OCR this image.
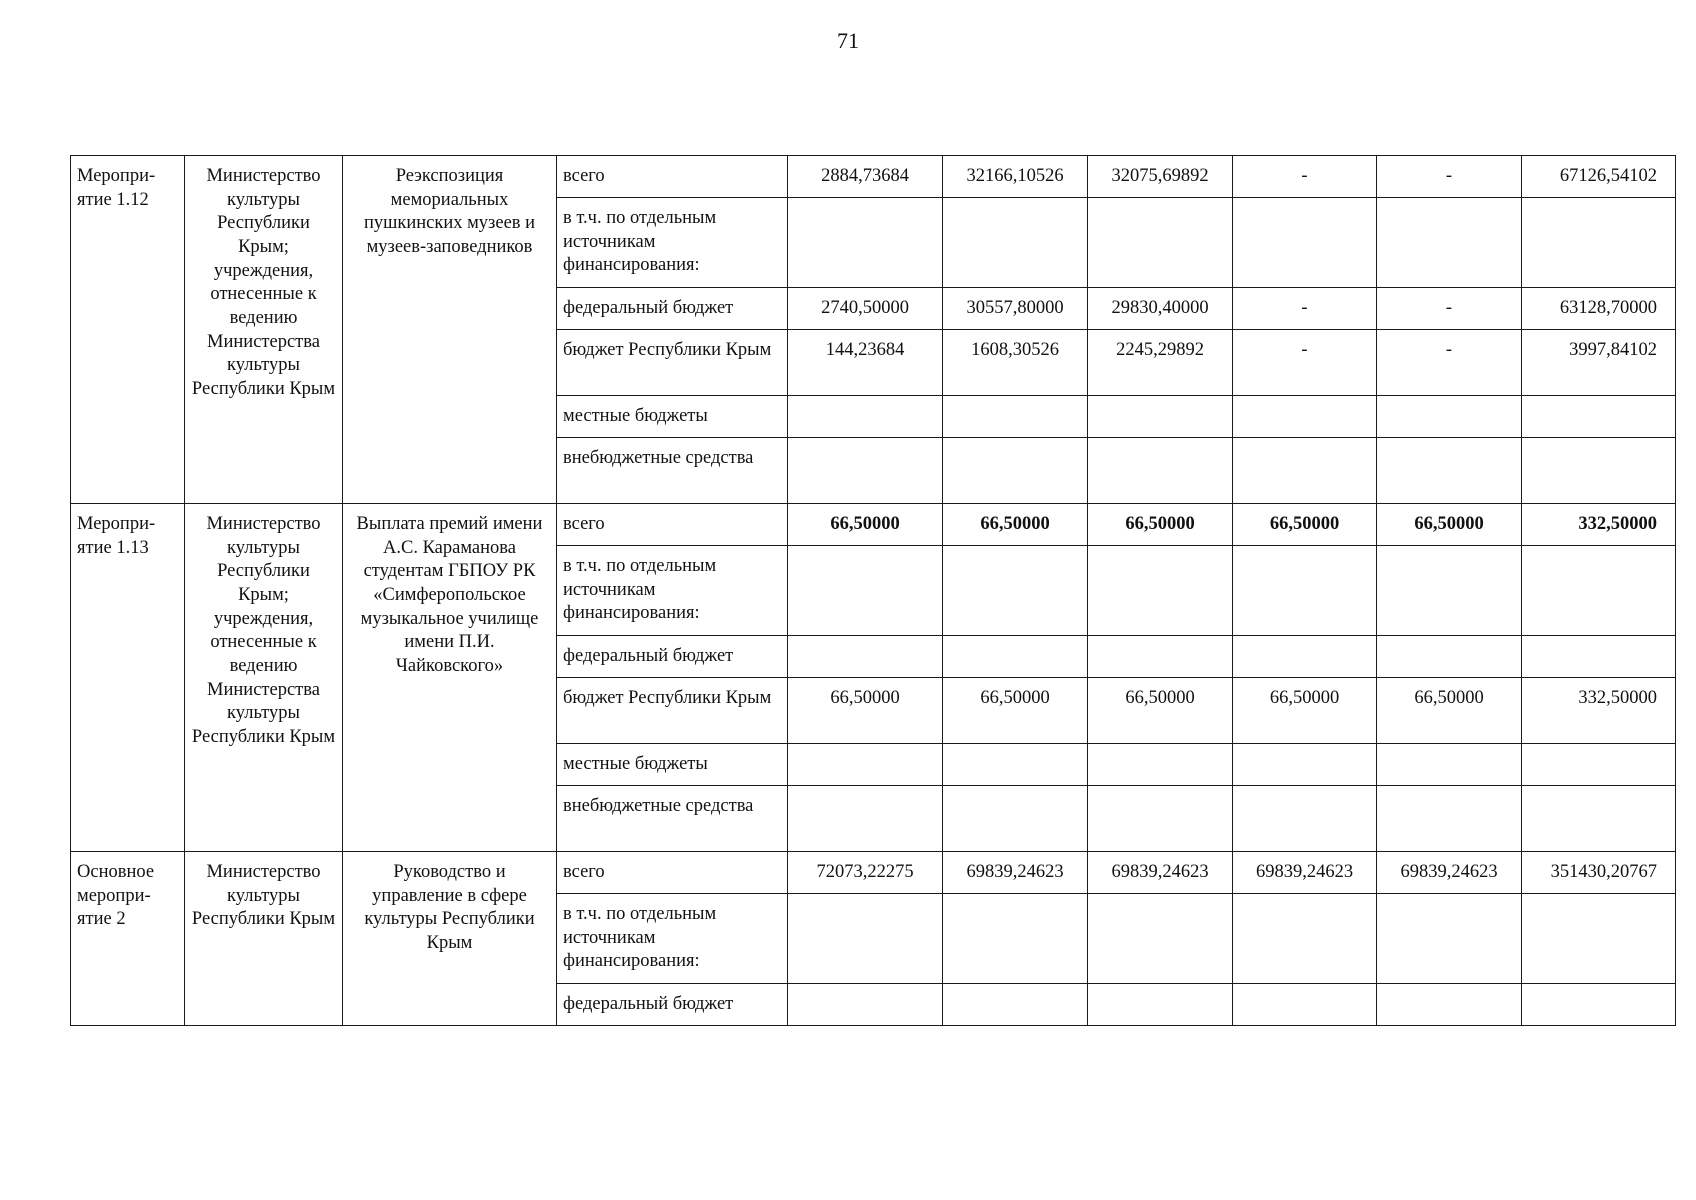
71
Меропри-
ятие 1.12	Министерство культуры Республики Крым; учреждения, отнесенные к ведению Министерства культуры Республики Крым	Реэкспозиция мемориальных пушкинских музеев и музеев-заповедников	всего	2884,73684	32166,10526	32075,69892	-	-	67126,54102
			в т.ч. по отдельным источникам финансирования:						
			федеральный бюджет	2740,50000	30557,80000	29830,40000	-	-	63128,70000
			бюджет Республики Крым	144,23684	1608,30526	2245,29892	-	-	3997,84102
			местные бюджеты						
			внебюджетные средства						
Меропри-
ятие 1.13	Министерство культуры Республики Крым; учреждения, отнесенные к ведению Министерства культуры Республики Крым	Выплата премий имени А.С. Караманова студентам ГБПОУ РК «Симферопольское музыкальное училище имени П.И. Чайковского»	всего	66,50000	66,50000	66,50000	66,50000	66,50000	332,50000
			в т.ч. по отдельным источникам финансирования:						
			федеральный бюджет						
			бюджет Республики Крым	66,50000	66,50000	66,50000	66,50000	66,50000	332,50000
			местные бюджеты						
			внебюджетные средства						
Основное
меропри-
ятие 2	Министерство культуры Республики Крым	Руководство и управление в сфере культуры Республики Крым	всего	72073,22275	69839,24623	69839,24623	69839,24623	69839,24623	351430,20767
			в т.ч. по отдельным источникам финансирования:						
			федеральный бюджет						
